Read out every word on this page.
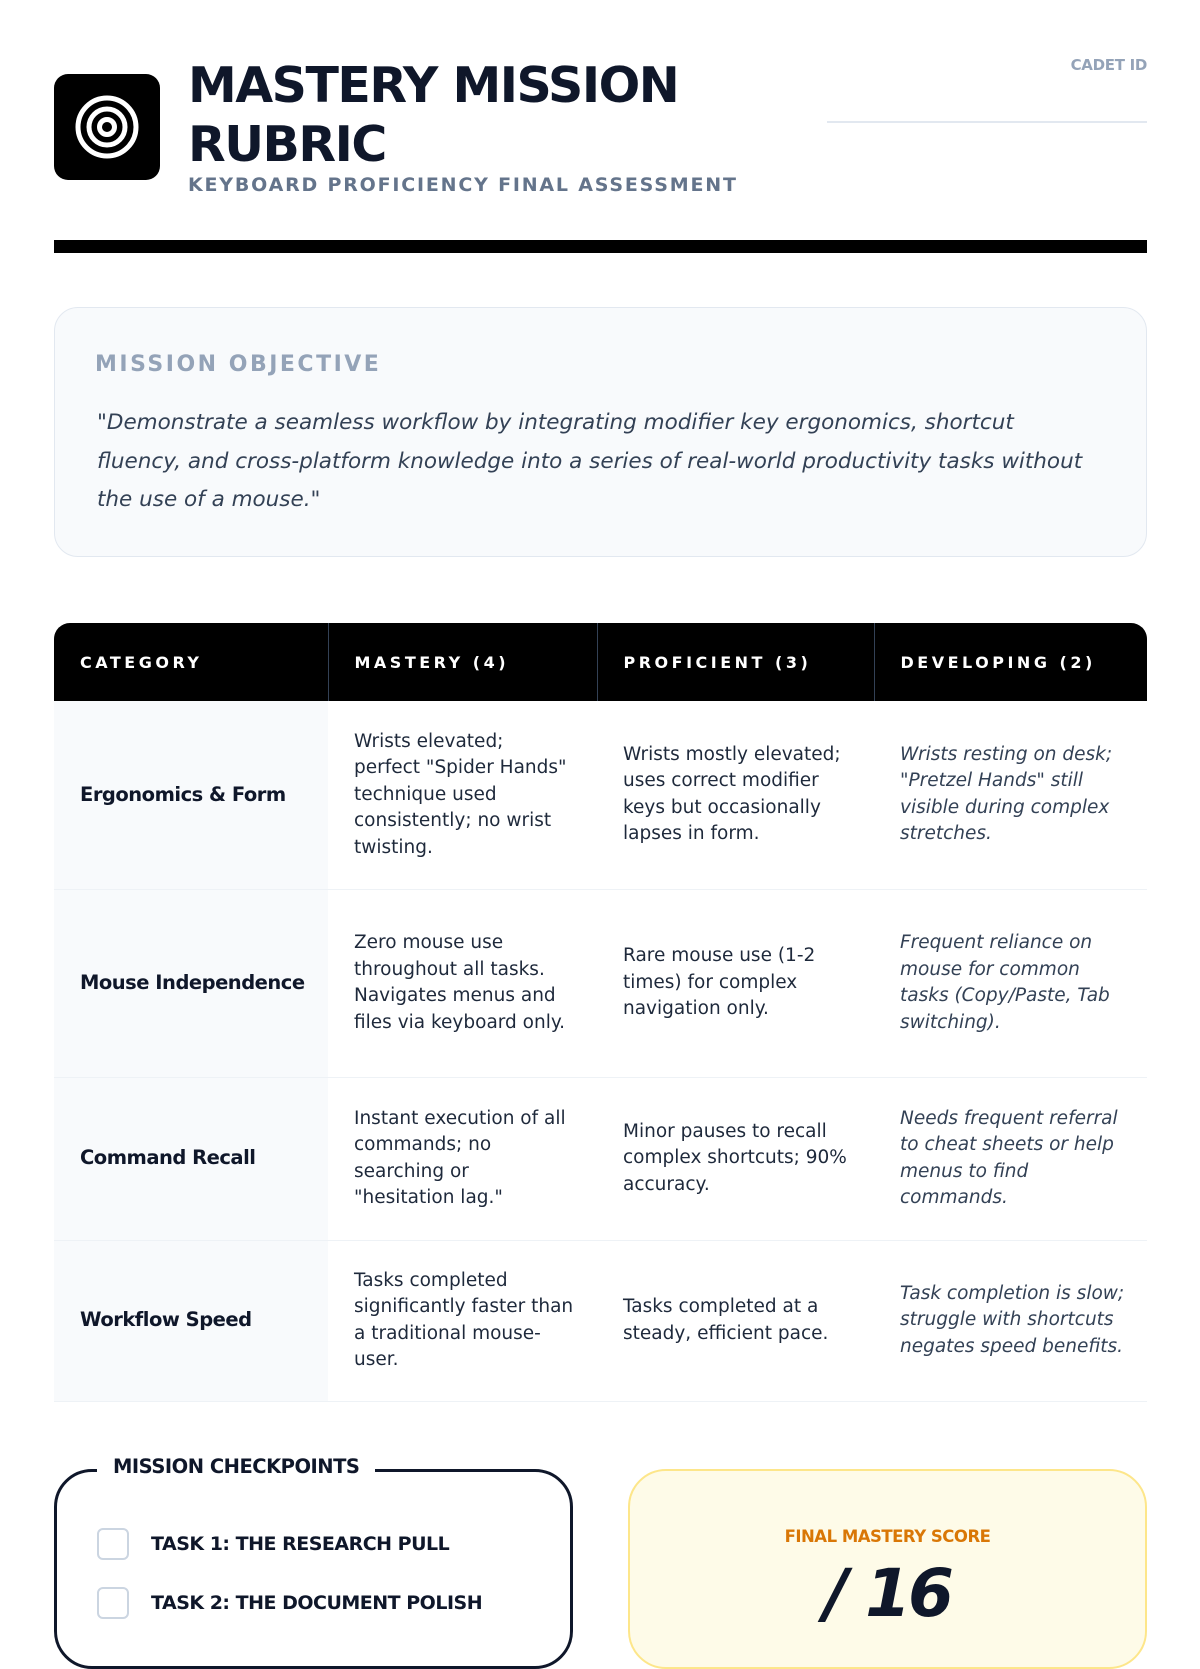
MASTERY MISSION RUBRIC
KEYBOARD PROFICIENCY FINAL ASSESSMENT
CADET ID
MISSION OBJECTIVE

"Demonstrate a seamless workflow by integrating modifier key ergonomics, shortcut fluency, and cross-platform knowledge into a series of real-world productivity tasks without the use of a mouse."

CATEGORY	MASTERY (4)	PROFICIENT (3)	DEVELOPING (2)
Ergonomics & Form	Wrists elevated; perfect "Spider Hands" technique used consistently; no wrist twisting.	Wrists mostly elevated; uses correct modifier keys but occasionally lapses in form.	Wrists resting on desk; "Pretzel Hands" still visible during complex stretches.
Mouse Independence	Zero mouse use throughout all tasks. Navigates menus and files via keyboard only.	Rare mouse use (1-2 times) for complex navigation only.	Frequent reliance on mouse for common tasks (Copy/Paste, Tab switching).
Command Recall	Instant execution of all commands; no searching or "hesitation lag."	Minor pauses to recall complex shortcuts; 90% accuracy.	Needs frequent referral to cheat sheets or help menus to find commands.
Workflow Speed	Tasks completed significantly faster than a traditional mouse-user.	Tasks completed at a steady, efficient pace.	Task completion is slow; struggle with shortcuts negates speed benefits.
MISSION CHECKPOINTS
TASK 1: THE RESEARCH PULL
TASK 2: THE DOCUMENT POLISH
FINAL MASTERY SCORE
/ 16
